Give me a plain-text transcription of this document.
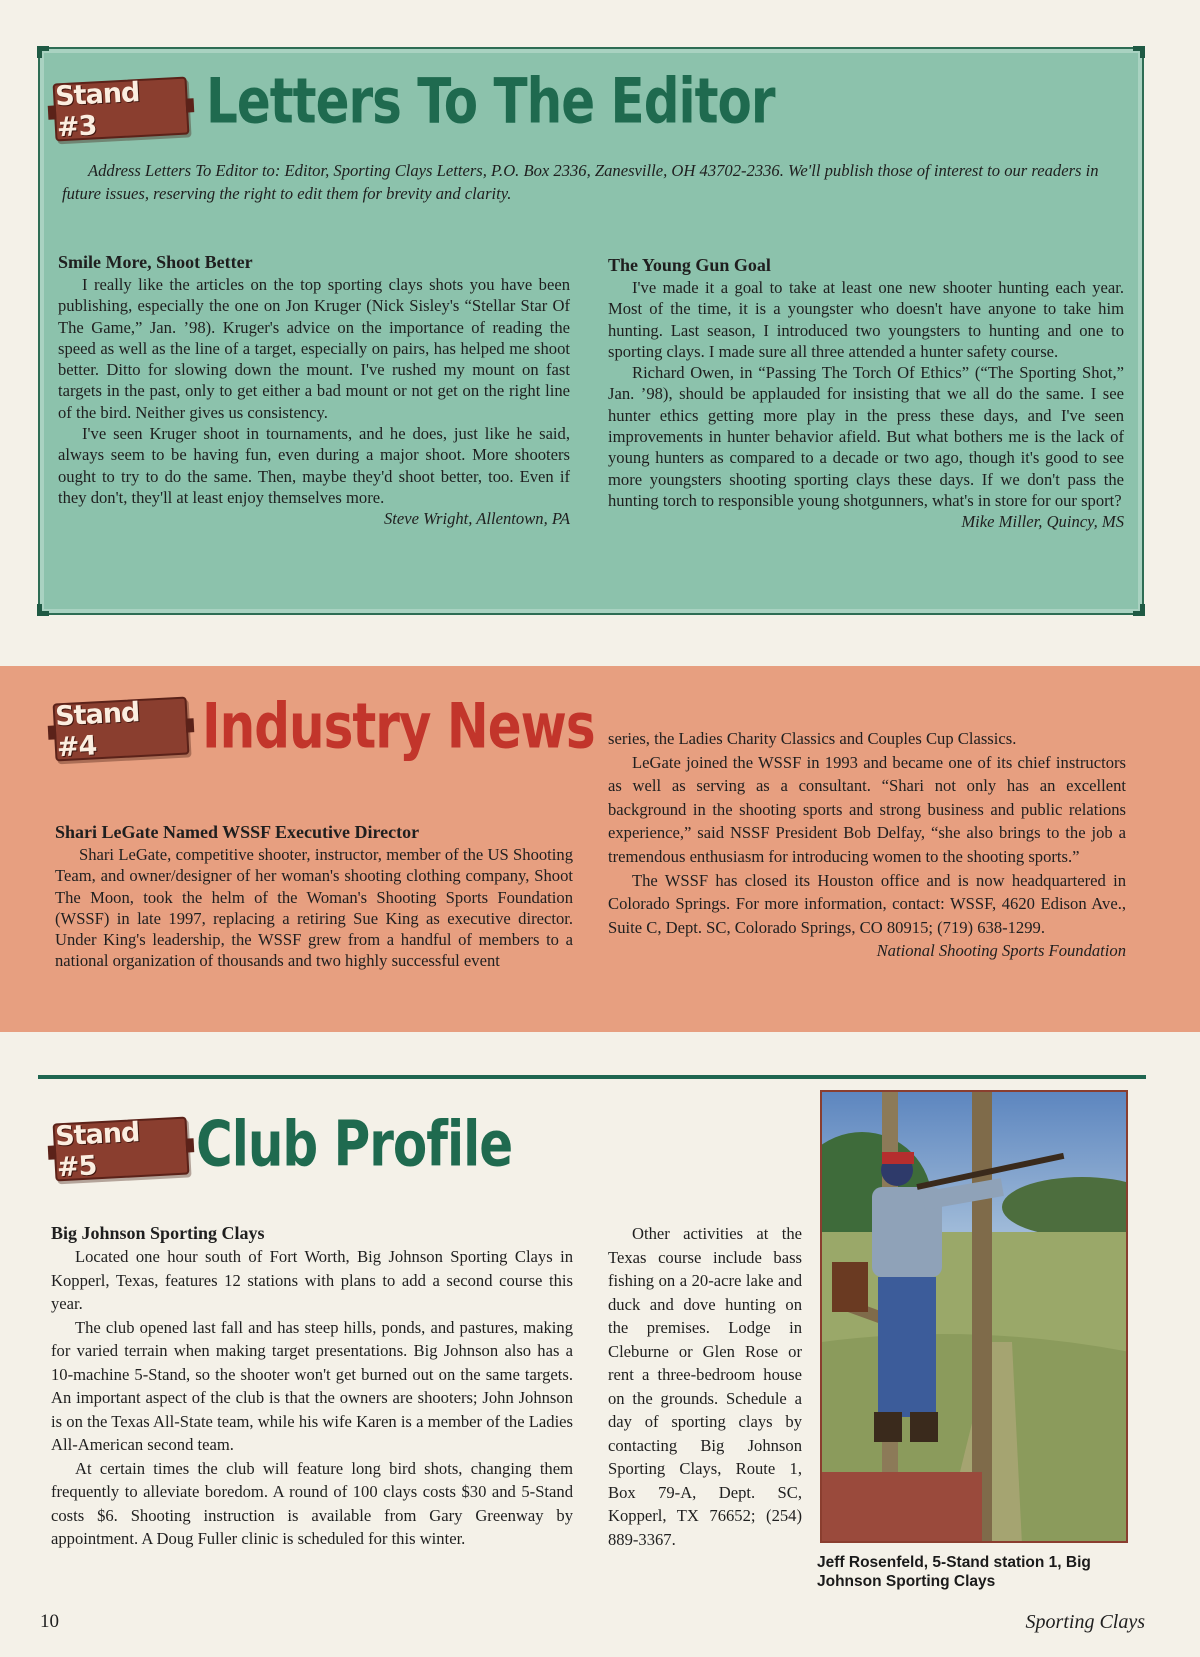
Stand #3	Letters To The Editor
Address Letters To Editor to: Editor, Sporting Clays Letters, P.O. Box 2336, Zanesville, OH 43702-2336. We'll publish those of interest to our readers in future issues, reserving the right to edit them for brevity and clarity.
Smile More, Shoot Better

I really like the articles on the top sporting clays shots you have been publishing, especially the one on Jon Kruger (Nick Sisley's “Stellar Star Of The Game,” Jan. ’98). Kruger's advice on the importance of reading the speed as well as the line of a target, especially on pairs, has helped me shoot better. Ditto for slowing down the mount. I've rushed my mount on fast targets in the past, only to get either a bad mount or not get on the right line of the bird. Neither gives us consistency.

I've seen Kruger shoot in tournaments, and he does, just like he said, always seem to be having fun, even during a major shoot. More shooters ought to try to do the same. Then, maybe they'd shoot better, too. Even if they don't, they'll at least enjoy themselves more.

Steve Wright, Allentown, PA
The Young Gun Goal

I've made it a goal to take at least one new shooter hunting each year. Most of the time, it is a youngster who doesn't have anyone to take him hunting. Last season, I introduced two youngsters to hunting and one to sporting clays. I made sure all three attended a hunter safety course.

Richard Owen, in “Passing The Torch Of Ethics” (“The Sporting Shot,” Jan. ’98), should be applauded for insisting that we all do the same. I see hunter ethics getting more play in the press these days, and I've seen improvements in hunter behavior afield. But what bothers me is the lack of young hunters as compared to a decade or two ago, though it's good to see more youngsters shooting sporting clays these days. If we don't pass the hunting torch to responsible young shotgunners, what's in store for our sport?

Mike Miller, Quincy, MS
Stand #4	Industry News
Shari LeGate Named WSSF Executive Director

Shari LeGate, competitive shooter, instructor, member of the US Shooting Team, and owner/designer of her woman's shooting clothing company, Shoot The Moon, took the helm of the Woman's Shooting Sports Foundation (WSSF) in late 1997, replacing a retiring Sue King as executive director. Under King's leadership, the WSSF grew from a handful of members to a national organization of thousands and two highly successful event

series, the Ladies Charity Classics and Couples Cup Classics.

LeGate joined the WSSF in 1993 and became one of its chief instructors as well as serving as a consultant. “Shari not only has an excellent background in the shooting sports and strong business and public relations experience,” said NSSF President Bob Delfay, “she also brings to the job a tremendous enthusiasm for introducing women to the shooting sports.”

The WSSF has closed its Houston office and is now headquartered in Colorado Springs. For more information, contact: WSSF, 4620 Edison Ave., Suite C, Dept. SC, Colorado Springs, CO 80915; (719) 638-1299.

National Shooting Sports Foundation
Stand #5	Club Profile
Big Johnson Sporting Clays

Located one hour south of Fort Worth, Big Johnson Sporting Clays in Kopperl, Texas, features 12 stations with plans to add a second course this year.

The club opened last fall and has steep hills, ponds, and pastures, making for varied terrain when making target presentations. Big Johnson also has a 10-machine 5-Stand, so the shooter won't get burned out on the same targets. An important aspect of the club is that the owners are shooters; John Johnson is on the Texas All-State team, while his wife Karen is a member of the Ladies All-American second team.

At certain times the club will feature long bird shots, changing them frequently to alleviate boredom. A round of 100 clays costs $30 and 5-Stand costs $6. Shooting instruction is available from Gary Greenway by appointment. A Doug Fuller clinic is scheduled for this winter.

Other activities at the Texas course include bass fishing on a 20-acre lake and duck and dove hunting on the premises. Lodge in Cleburne or Glen Rose or rent a three-bedroom house on the grounds. Schedule a day of sporting clays by contacting Big Johnson Sporting Clays, Route 1, Box 79-A, Dept. SC, Kopperl, TX 76652; (254) 889-3367.

Jeff Rosenfeld, 5-Stand station 1, Big Johnson Sporting Clays
10	Sporting Clays
